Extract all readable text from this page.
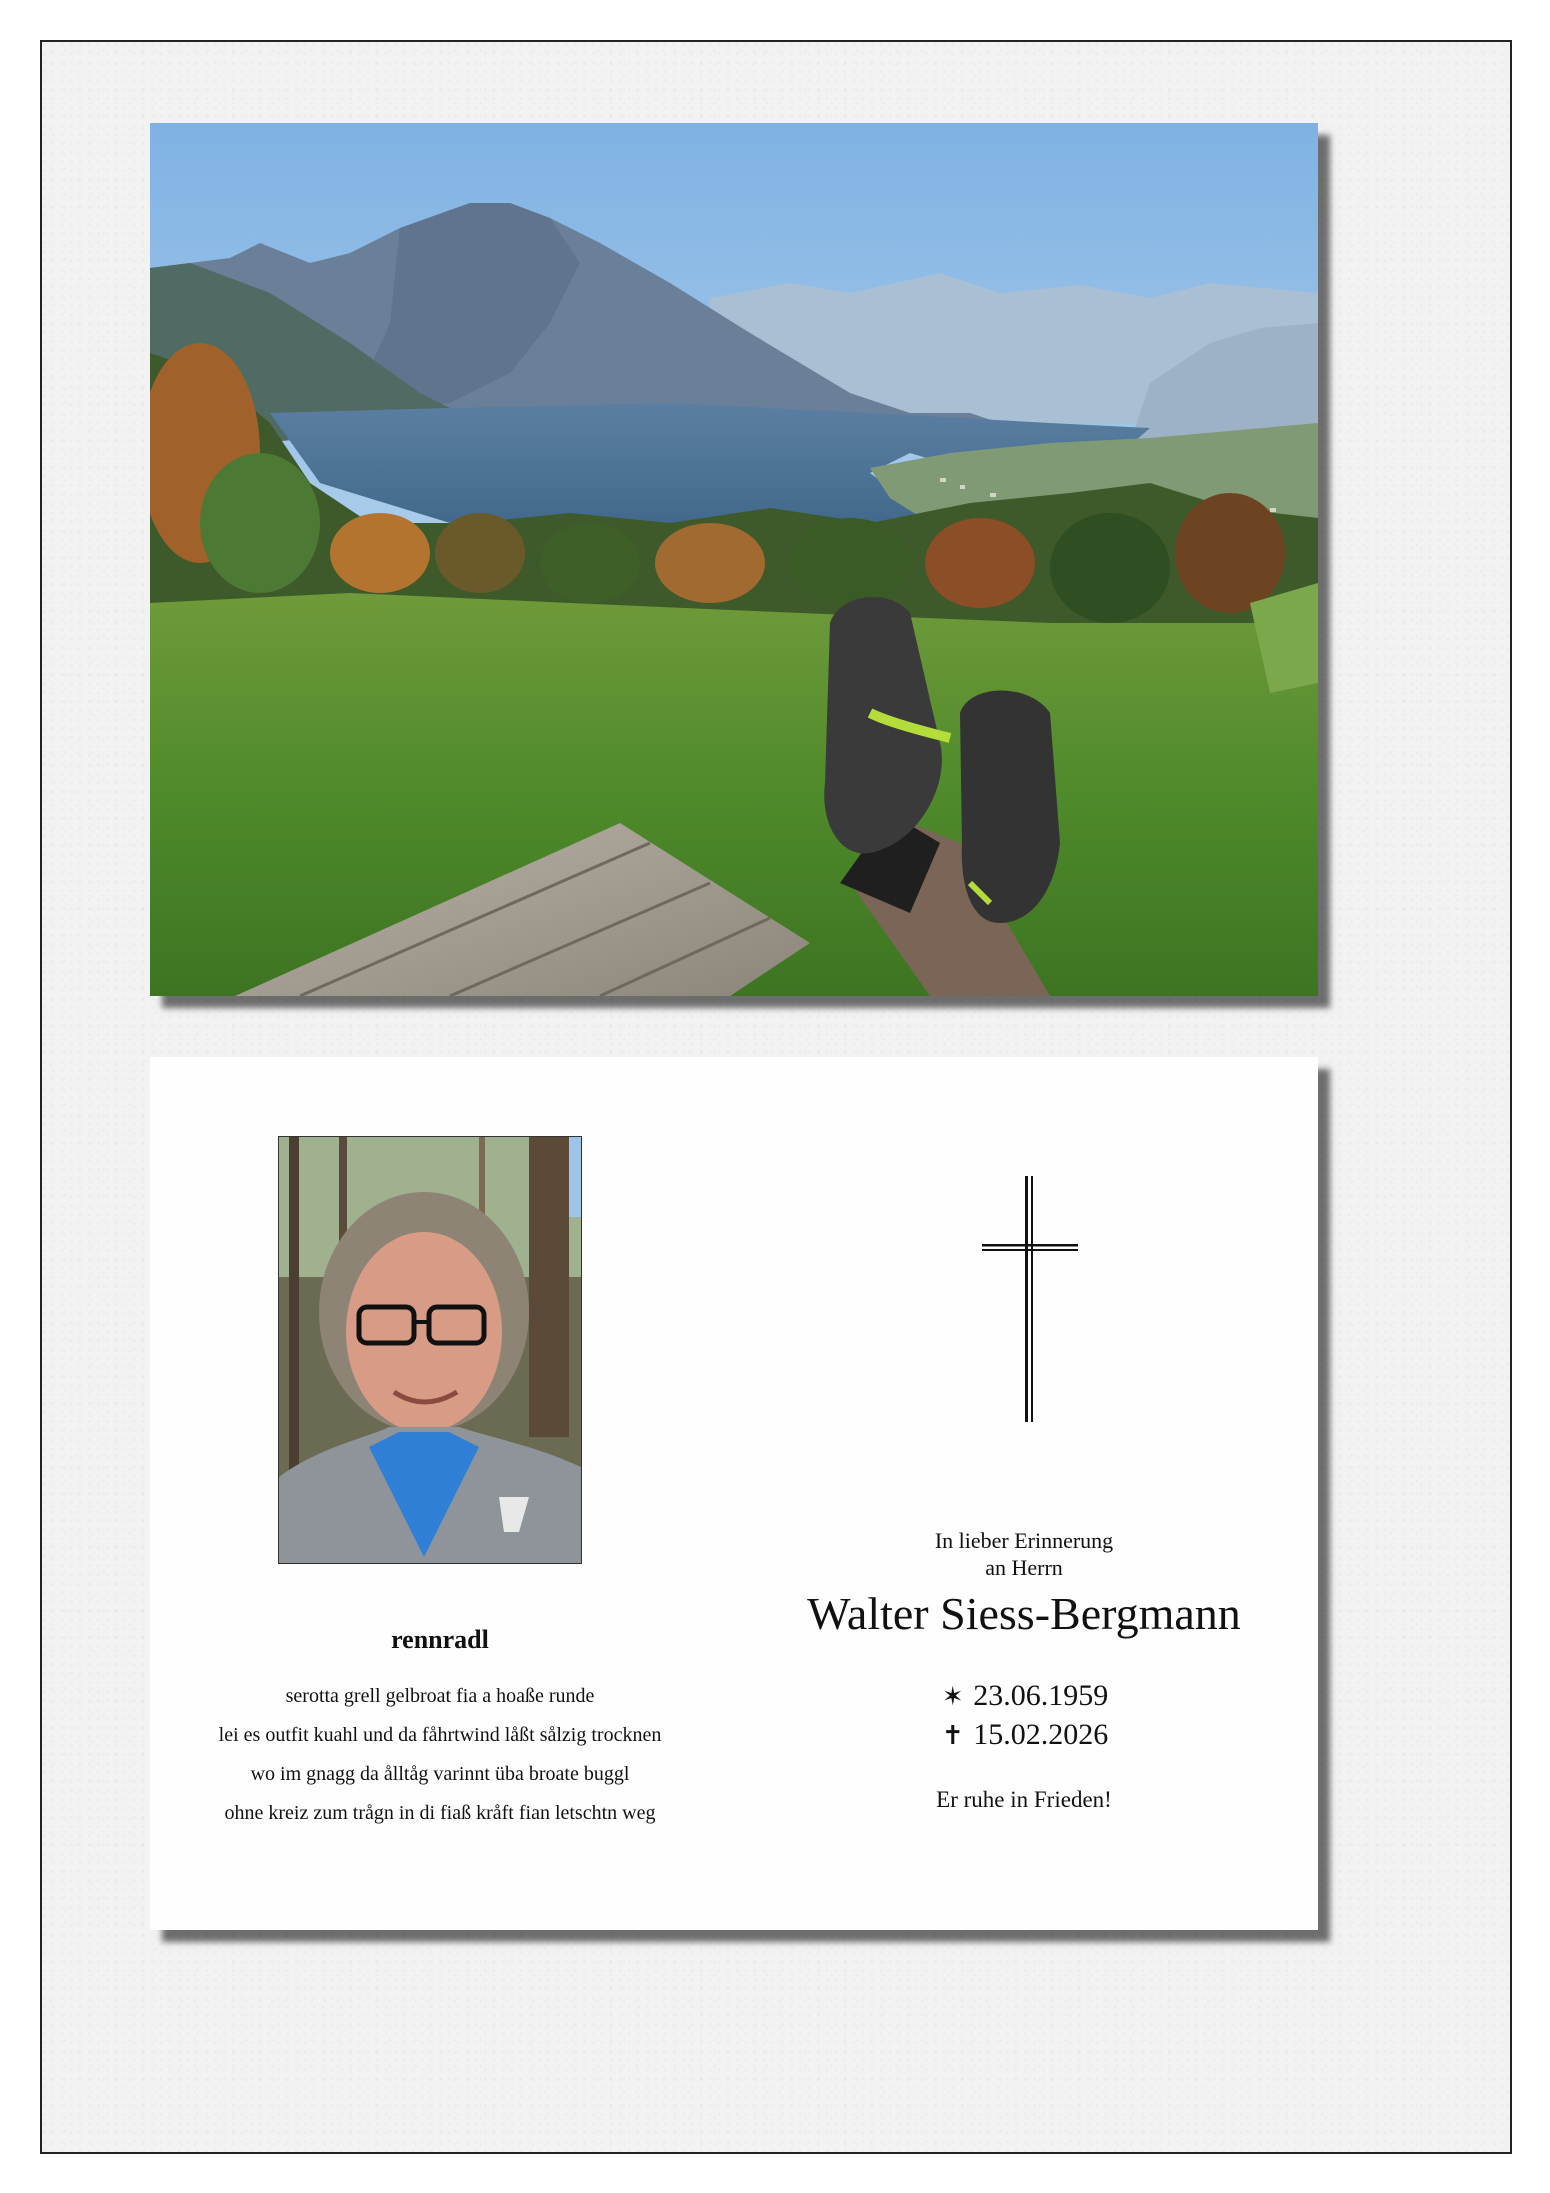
rennradl
serotta grell gelbroat fia a hoaße runde
lei es outfit kuahl und da fåhrtwind låßt sålzig trocknen
wo im gnagg da ålltåg varinnt üba broate buggl
ohne kreiz zum trågn in di fiaß kråft fian letschtn weg
In lieber Erinnerung
an Herrn
Walter Siess-Bergmann
✶ 23.06.1959
✝ 15.02.2026
Er ruhe in Frieden!
